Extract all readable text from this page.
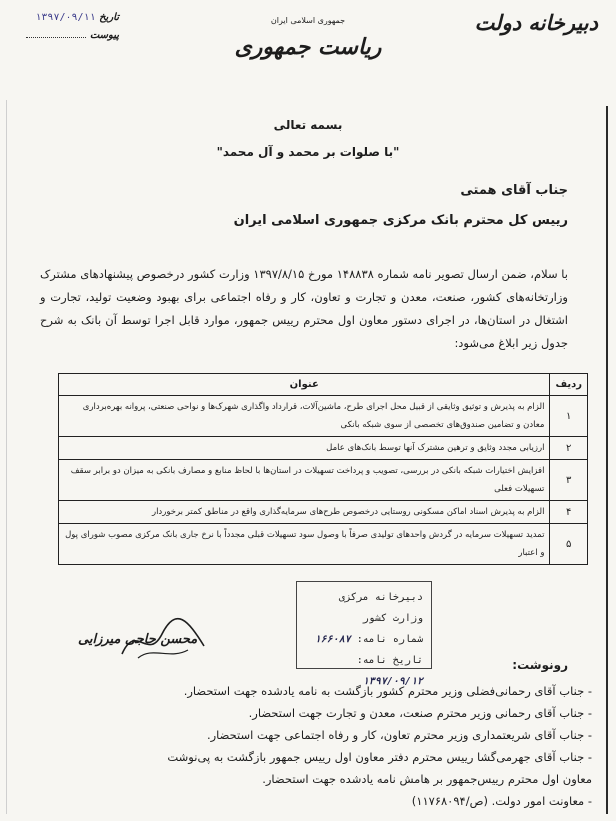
دبیرخانه دولت
جمهوری اسلامی ایران
ریاست جمهوری
تاریخ ۱۳۹۷/۰۹/۱۱
پیوست
بسمه تعالی
"با صلوات بر محمد و آل محمد"
جناب آقای همتی
رییس کل محترم بانک مرکزی جمهوری اسلامی ایران
با سلام، ضمن ارسال تصویر نامه شماره ۱۴۸۸۳۸ مورخ ۱۳۹۷/۸/۱۵ وزارت کشور درخصوص پیشنهادهای مشترک وزارتخانه‌های کشور، صنعت، معدن و تجارت و تعاون، کار و رفاه اجتماعی برای بهبود وضعیت تولید، تجارت و اشتغال در استان‌ها، در اجرای دستور معاون اول محترم رییس جمهور، موارد قابل اجرا توسط آن بانک به شرح جدول زیر ابلاغ می‌شود:
ردیف	عنوان
۱	الزام به پذیرش و توثیق وثایقی از قبیل محل اجرای طرح، ماشین‌آلات، قرارداد واگذاری شهرک‌ها و نواحی صنعتی، پروانه بهره‌برداری معادن و تضامین صندوق‌های تخصصی از سوی شبکه بانکی
۲	ارزیابی مجدد وثایق و ترهین مشترک آنها توسط بانک‌های عامل
۳	افزایش اختیارات شبکه بانکی در بررسی، تصویب و پرداخت تسهیلات در استان‌ها با لحاظ منابع و مصارف بانکی به میزان دو برابر سقف تسهیلات فعلی
۴	الزام به پذیرش اسناد اماکن مسکونی روستایی درخصوص طرح‌های سرمایه‌گذاری واقع در مناطق کمتر برخوردار
۵	تمدید تسهیلات سرمایه در گردش واحدهای تولیدی صرفاً با وصول سود تسهیلات قبلی مجدداً با نرخ جاری بانک مرکزی مصوب شورای پول و اعتبار
دبیرخانه مرکزی وزارت کشور
شماره نامه: ۱۶۶۰۸۷
تاریخ نامه: ۱۳۹۷/۰۹/۱۲
محسن حاجی میرزایی
رونوشت:
- جناب آقای رحمانی‌فضلی وزیر محترم کشور بازگشت به نامه یادشده جهت استحضار.
- جناب آقای رحمانی وزیر محترم صنعت، معدن و تجارت جهت استحضار.
- جناب آقای شریعتمداری وزیر محترم تعاون، کار و رفاه اجتماعی جهت استحضار.
- جناب آقای جهرمی‌گشا رییس محترم دفتر معاون اول رییس جمهور بازگشت به پی‌نوشت
معاون اول محترم رییس‌جمهور بر هامش نامه یادشده جهت استحضار.
- معاونت امور دولت. (ص/۱۱۷۶۸۰۹۴)
